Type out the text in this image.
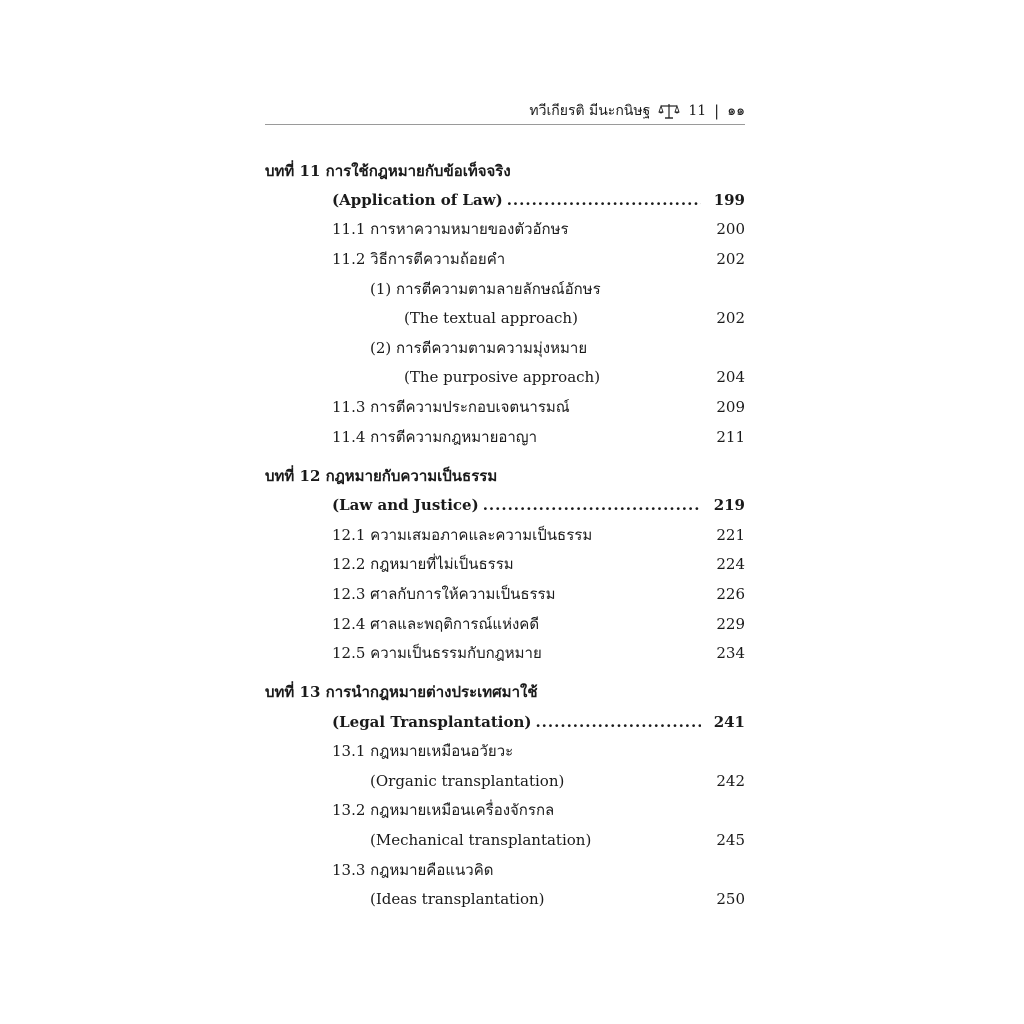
ทวีเกียรติ มีนะกนิษฐ	11 | ๑๑
บทที่ 11
การใช้กฎหมายกับข้อเท็จจริง
(Application of Law) .....	199
11.1 การหาความหมายของตัวอักษร	200
11.2 วิธีการตีความถ้อยคำ	202
(1) การตีความตามลายลักษณ์อักษร
(The textual approach)	202
(2) การตีความตามความมุ่งหมาย
(The purposive approach)	204
11.3 การตีความประกอบเจตนารมณ์	209
11.4 การตีความกฎหมายอาญา	211
บทที่ 12
กฎหมายกับความเป็นธรรม
(Law and Justice) .....	219
12.1 ความเสมอภาคและความเป็นธรรม	221
12.2 กฎหมายที่ไม่เป็นธรรม	224
12.3 ศาลกับการให้ความเป็นธรรม	226
12.4 ศาลและพฤติการณ์แห่งคดี	229
12.5 ความเป็นธรรมกับกฎหมาย	234
บทที่ 13
การนำกฎหมายต่างประเทศมาใช้
(Legal Transplantation) .....	241
13.1 กฎหมายเหมือนอวัยวะ
(Organic transplantation)	242
13.2 กฎหมายเหมือนเครื่องจักรกล
(Mechanical transplantation)	245
13.3 กฎหมายคือแนวคิด
(Ideas transplantation)	250
